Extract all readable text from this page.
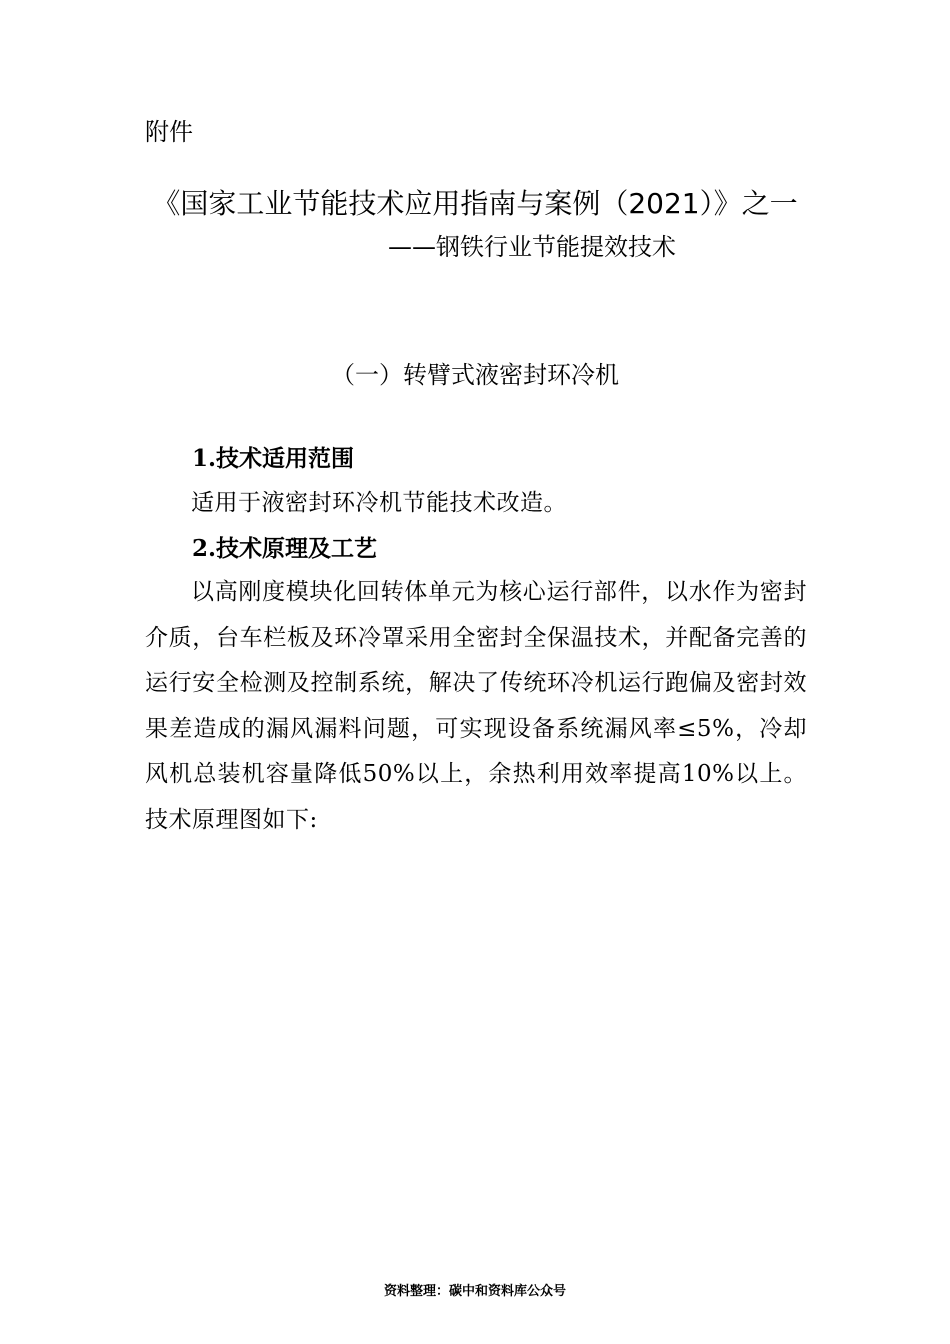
附件
《国家工业节能技术应用指南与案例（2021）》之一
——钢铁行业节能提效技术
（一）转臂式液密封环冷机
1.技术适用范围
适用于液密封环冷机节能技术改造。
2.技术原理及工艺
以高刚度模块化回转体单元为核心运行部件，以水作为密封介质，台车栏板及环冷罩采用全密封全保温技术，并配备完善的运行安全检测及控制系统，解决了传统环冷机运行跑偏及密封效果差造成的漏风漏料问题，可实现设备系统漏风率≤5%，冷却风机总装机容量降低50%以上，余热利用效率提高10%以上。技术原理图如下:
资料整理：碳中和资料库公众号
